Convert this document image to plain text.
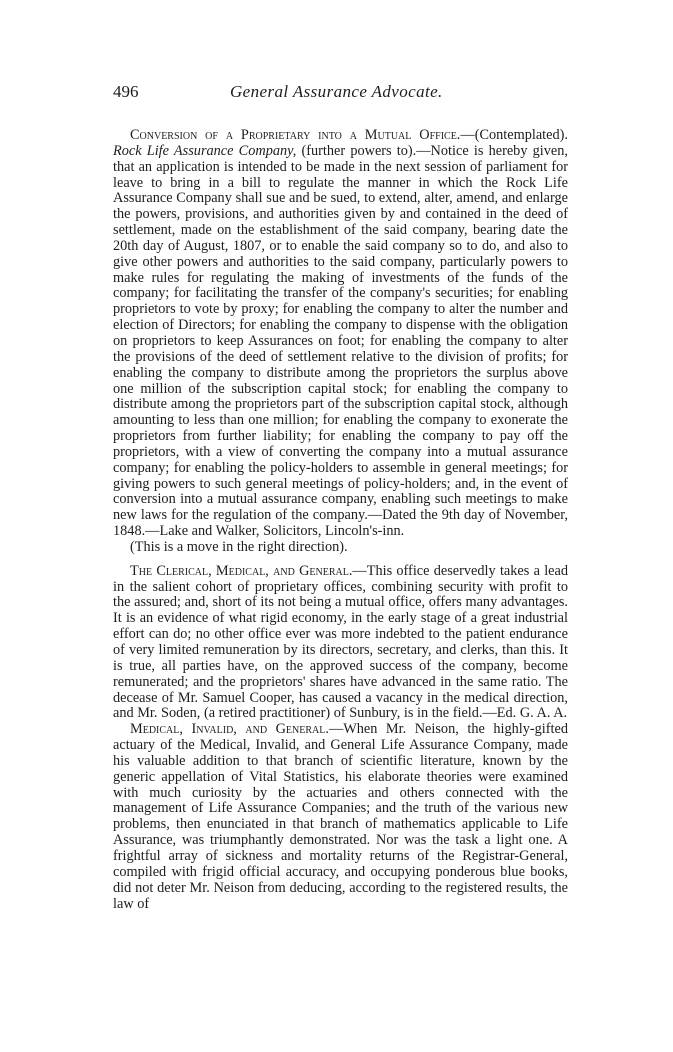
496	General Assurance Advocate.

Conversion of a Proprietary into a Mutual Office.—(Contemplated). Rock Life Assurance Company, (further powers to).—Notice is hereby given, that an application is intended to be made in the next session of parliament for leave to bring in a bill to regulate the manner in which the Rock Life Assurance Company shall sue and be sued, to extend, alter, amend, and enlarge the powers, provisions, and authorities given by and contained in the deed of settlement, made on the establishment of the said company, bearing date the 20th day of August, 1807, or to enable the said company so to do, and also to give other powers and authorities to the said company, particularly powers to make rules for regulating the making of investments of the funds of the company; for facilitating the transfer of the company's securities; for enabling proprietors to vote by proxy; for enabling the company to alter the number and election of Directors; for enabling the company to dispense with the obligation on proprietors to keep Assurances on foot; for enabling the company to alter the provisions of the deed of settlement relative to the division of profits; for enabling the company to distribute among the proprietors the surplus above one million of the subscription capital stock; for enabling the company to distribute among the proprietors part of the subscription capital stock, although amounting to less than one million; for enabling the company to exonerate the proprietors from further liability; for enabling the company to pay off the proprietors, with a view of converting the company into a mutual assurance company; for enabling the policy-holders to assemble in general meetings; for giving powers to such general meetings of policy-holders; and, in the event of conversion into a mutual assurance company, enabling such meetings to make new laws for the regulation of the company.—Dated the 9th day of November, 1848.—Lake and Walker, Solicitors, Lincoln's-inn.

(This is a move in the right direction).

The Clerical, Medical, and General.—This office deservedly takes a lead in the salient cohort of proprietary offices, combining security with profit to the assured; and, short of its not being a mutual office, offers many advantages. It is an evidence of what rigid economy, in the early stage of a great industrial effort can do; no other office ever was more indebted to the patient endurance of very limited remuneration by its directors, secretary, and clerks, than this. It is true, all parties have, on the approved success of the company, become remunerated; and the proprietors' shares have advanced in the same ratio. The decease of Mr. Samuel Cooper, has caused a vacancy in the medical direction, and Mr. Soden, (a retired practitioner) of Sunbury, is in the field.—Ed. G. A. A.

Medical, Invalid, and General.—When Mr. Neison, the highly-gifted actuary of the Medical, Invalid, and General Life Assurance Company, made his valuable addition to that branch of scientific literature, known by the generic appellation of Vital Statistics, his elaborate theories were examined with much curiosity by the actuaries and others connected with the management of Life Assurance Companies; and the truth of the various new problems, then enunciated in that branch of mathematics applicable to Life Assurance, was triumphantly demonstrated. Nor was the task a light one. A frightful array of sickness and mortality returns of the Registrar-General, compiled with frigid official accuracy, and occupying ponderous blue books, did not deter Mr. Neison from deducing, according to the registered results, the law of
